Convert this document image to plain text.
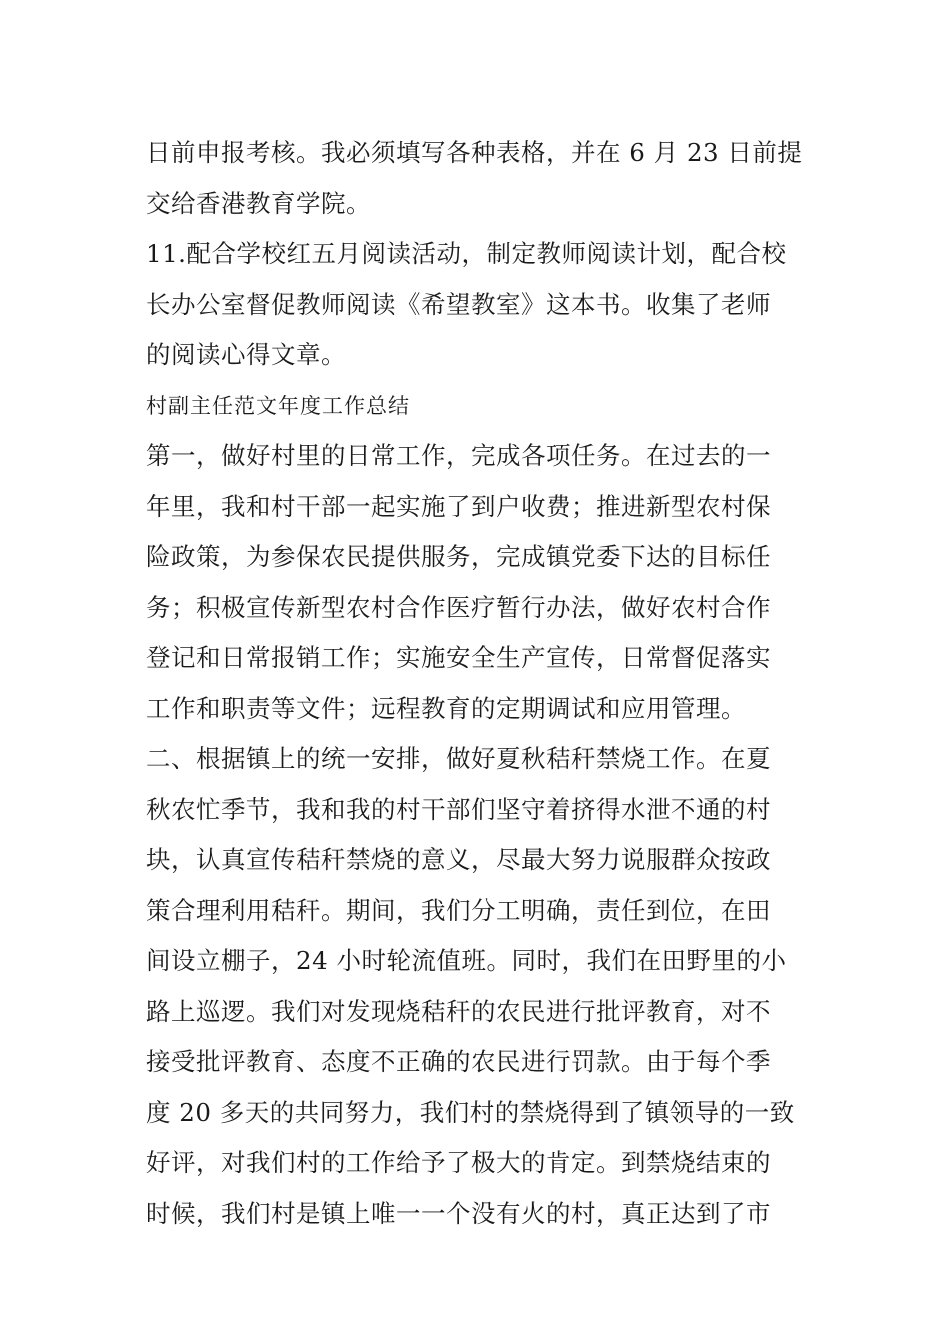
日前申报考核。我必须填写各种表格，并在 6 月 23 日前提
交给香港教育学院。
11.配合学校红五月阅读活动，制定教师阅读计划，配合校
长办公室督促教师阅读《希望教室》这本书。收集了老师
的阅读心得文章。
村副主任范文年度工作总结
第一，做好村里的日常工作，完成各项任务。在过去的一
年里，我和村干部一起实施了到户收费；推进新型农村保
险政策，为参保农民提供服务，完成镇党委下达的目标任
务；积极宣传新型农村合作医疗暂行办法，做好农村合作
登记和日常报销工作；实施安全生产宣传，日常督促落实
工作和职责等文件；远程教育的定期调试和应用管理。
二、根据镇上的统一安排，做好夏秋秸秆禁烧工作。在夏
秋农忙季节，我和我的村干部们坚守着挤得水泄不通的村
块，认真宣传秸秆禁烧的意义，尽最大努力说服群众按政
策合理利用秸秆。期间，我们分工明确，责任到位，在田
间设立棚子，24 小时轮流值班。同时，我们在田野里的小
路上巡逻。我们对发现烧秸秆的农民进行批评教育，对不
接受批评教育、态度不正确的农民进行罚款。由于每个季
度 20 多天的共同努力，我们村的禁烧得到了镇领导的一致
好评，对我们村的工作给予了极大的肯定。到禁烧结束的
时候，我们村是镇上唯一一个没有火的村，真正达到了市
